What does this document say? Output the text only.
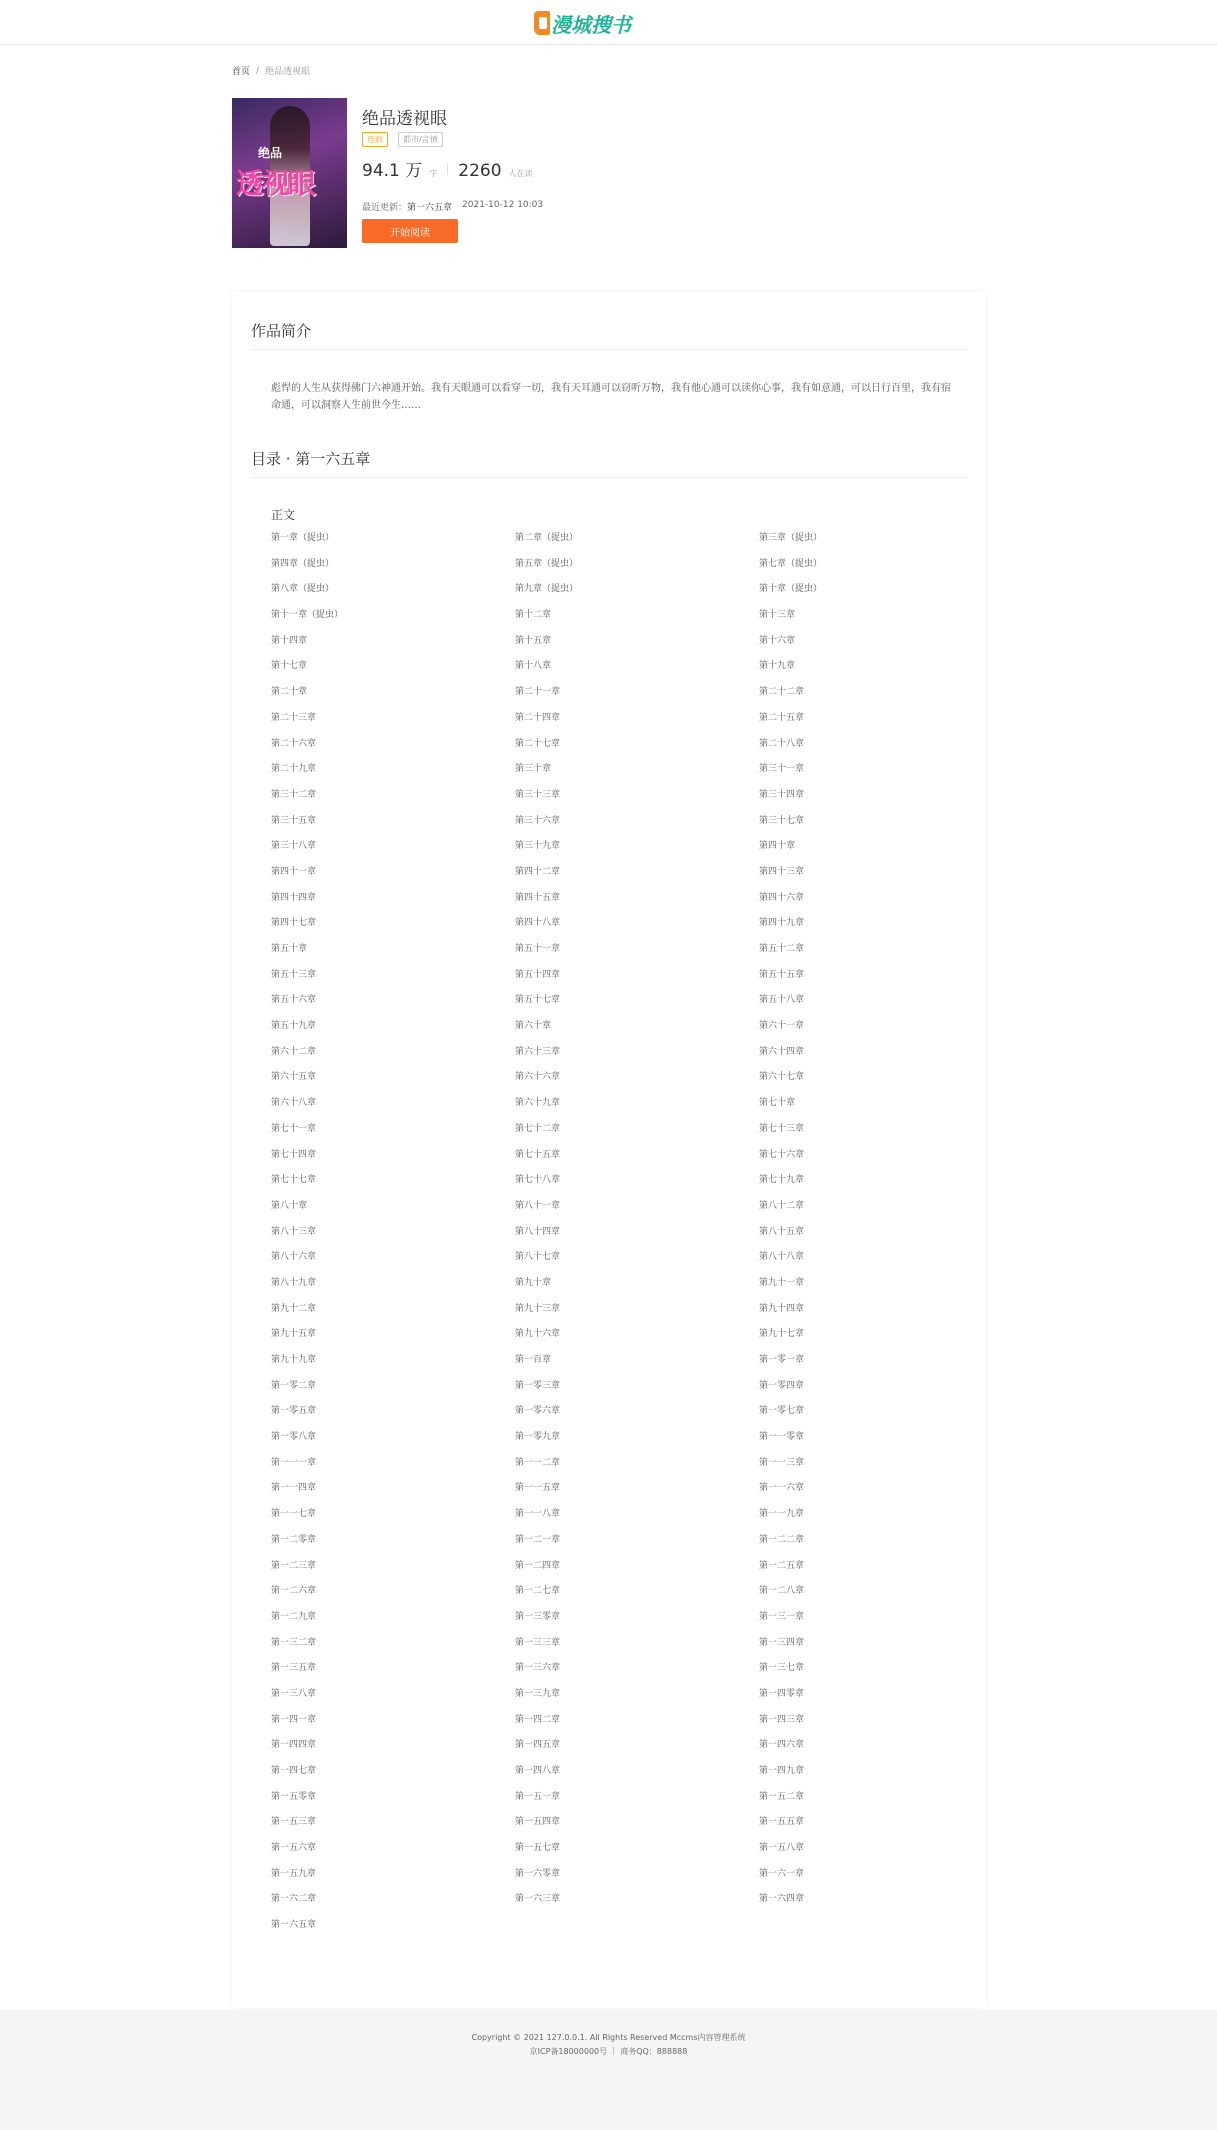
漫城搜书
首页 / 绝品透视眼
绝品
透视眼
绝品透视眼
连载	都市/言情
94.1 万 字 2260 人在读
最近更新：第一六五章 2021-10-12 10:03
开始阅读
作品简介
彪悍的人生从获得佛门六神通开始。我有天眼通可以看穿一切，我有天耳通可以窃听万物，我有他心通可以读你心事，我有如意通，可以日行百里，我有宿命通，可以洞察人生前世今生……
目录 · 第一六五章
正文
第一章（捉虫）	第二章（捉虫）	第三章（捉虫）
第四章（捉虫）	第五章（捉虫）	第七章（捉虫）
第八章（捉虫）	第九章（捉虫）	第十章（捉虫）
第十一章（捉虫）	第十二章	第十三章
第十四章	第十五章	第十六章
第十七章	第十八章	第十九章
第二十章	第二十一章	第二十二章
第二十三章	第二十四章	第二十五章
第二十六章	第二十七章	第二十八章
第二十九章	第三十章	第三十一章
第三十二章	第三十三章	第三十四章
第三十五章	第三十六章	第三十七章
第三十八章	第三十九章	第四十章
第四十一章	第四十二章	第四十三章
第四十四章	第四十五章	第四十六章
第四十七章	第四十八章	第四十九章
第五十章	第五十一章	第五十二章
第五十三章	第五十四章	第五十五章
第五十六章	第五十七章	第五十八章
第五十九章	第六十章	第六十一章
第六十二章	第六十三章	第六十四章
第六十五章	第六十六章	第六十七章
第六十八章	第六十九章	第七十章
第七十一章	第七十二章	第七十三章
第七十四章	第七十五章	第七十六章
第七十七章	第七十八章	第七十九章
第八十章	第八十一章	第八十二章
第八十三章	第八十四章	第八十五章
第八十六章	第八十七章	第八十八章
第八十九章	第九十章	第九十一章
第九十二章	第九十三章	第九十四章
第九十五章	第九十六章	第九十七章
第九十九章	第一百章	第一零一章
第一零二章	第一零三章	第一零四章
第一零五章	第一零六章	第一零七章
第一零八章	第一零九章	第一一零章
第一一一章	第一一二章	第一一三章
第一一四章	第一一五章	第一一六章
第一一七章	第一一八章	第一一九章
第一二零章	第一二一章	第一二二章
第一二三章	第一二四章	第一二五章
第一二六章	第一二七章	第一二八章
第一二九章	第一三零章	第一三一章
第一三二章	第一三三章	第一三四章
第一三五章	第一三六章	第一三七章
第一三八章	第一三九章	第一四零章
第一四一章	第一四二章	第一四三章
第一四四章	第一四五章	第一四六章
第一四七章	第一四八章	第一四九章
第一五零章	第一五一章	第一五二章
第一五三章	第一五四章	第一五五章
第一五六章	第一五七章	第一五八章
第一五九章	第一六零章	第一六一章
第一六二章	第一六三章	第一六四章
第一六五章
Copyright © 2021 127.0.0.1. All Rights Reserved Mccms内容管理系统
京ICP备18000000号 ｜ 商务QQ：888888
